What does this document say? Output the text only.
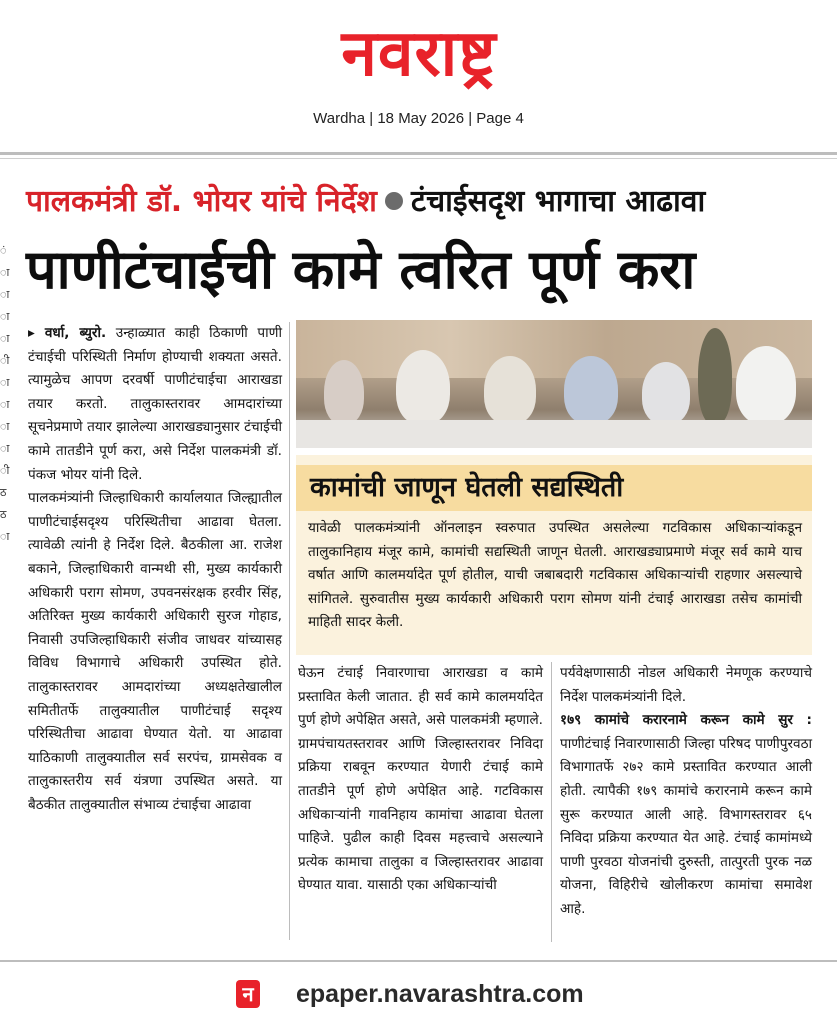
नवराष्ट्र
Wardha | 18 May 2026 | Page 4
ं
ा
ा
ा
ा
ी
ा
ा
ा
ा
ी
ठ
ठ
ा
पालकमंत्री डॉ. भोयर यांचे निर्देश टंचाईसदृश भागाचा आढावा
पाणीटंचाईची कामे त्वरित पूर्ण करा

▸ वर्धा, ब्युरो. उन्हाळ्यात काही ठिकाणी पाणी टंचाईची परिस्थिती निर्माण होण्याची शक्यता असते. त्यामुळेच आपण दरवर्षी पाणीटंचाईचा आराखडा तयार करतो. तालुकास्तरावर आमदारांच्या सूचनेप्रमाणे तयार झालेल्या आराखड्यानुसार टंचाईची कामे तातडीने पूर्ण करा, असे निर्देश पालकमंत्री डॉ. पंकज भोयर यांनी दिले.

पालकमंत्र्यांनी जिल्हाधिकारी कार्यालयात जिल्ह्यातील पाणीटंचाईसदृश्य परिस्थितीचा आढावा घेतला. त्यावेळी त्यांनी हे निर्देश दिले. बैठकीला आ. राजेश बकाने, जिल्हाधिकारी वान्मथी सी, मुख्य कार्यकारी अधिकारी पराग सोमण, उपवनसंरक्षक हरवीर सिंह, अतिरिक्त मुख्य कार्यकारी अधिकारी सुरज गोहाड, निवासी उपजिल्हाधिकारी संजीव जाधवर यांच्यासह विविध विभागाचे अधिकारी उपस्थित होते. तालुकास्तरावर आमदारांच्या अध्यक्षतेखालील समितीतर्फे तालुक्यातील पाणीटंचाई सदृश्य परिस्थितीचा आढावा घेण्यात येतो. या आढावा याठिकाणी तालुक्यातील सर्व सरपंच, ग्रामसेवक व तालुकास्तरीय सर्व यंत्रणा उपस्थित असते. या बैठकीत तालुक्यातील संभाव्य टंचाईचा आढावा

कामांची जाणून घेतली सद्यस्थिती
यावेळी पालकमंत्र्यांनी ऑनलाइन स्वरुपात उपस्थित असलेल्या गटविकास अधिकाऱ्यांकडून तालुकानिहाय मंजूर कामे, कामांची सद्यस्थिती जाणून घेतली. आराखड्याप्रमाणे मंजूर सर्व कामे याच वर्षात आणि कालमर्यादेत पूर्ण होतील, याची जबाबदारी गटविकास अधिकाऱ्यांची राहणार असल्याचे सांगितले. सुरुवातीस मुख्य कार्यकारी अधिकारी पराग सोमण यांनी टंचाई आराखडा तसेच कामांची माहिती सादर केली.

घेऊन टंचाई निवारणाचा आराखडा व कामे प्रस्तावित केली जातात. ही सर्व कामे कालमर्यादेत पुर्ण होणे अपेक्षित असते, असे पालकमंत्री म्हणाले. ग्रामपंचायतस्तरावर आणि जिल्हास्तरावर निविदा प्रक्रिया राबवून करण्यात येणारी टंचाई कामे तातडीने पूर्ण होणे अपेक्षित आहे. गटविकास अधिकाऱ्यांनी गावनिहाय कामांचा आढावा घेतला पाहिजे. पुढील काही दिवस महत्त्वाचे असल्याने प्रत्येक कामाचा तालुका व जिल्हास्तरावर आढावा घेण्यात यावा. यासाठी एका अधिकाऱ्यांची

पर्यवेक्षणासाठी नोडल अधिकारी नेमणूक करण्याचे निर्देश पालकमंत्र्यांनी दिले.

१७९ कामांचे करारनामे करून कामे सुर : पाणीटंचाई निवारणासाठी जिल्हा परिषद पाणीपुरवठा विभागातर्फे २७२ कामे प्रस्तावित करण्यात आली होती. त्यापैकी १७९ कामांचे करारनामे करून कामे सुरू करण्यात आली आहे. विभागस्तरावर ६५ निविदा प्रक्रिया करण्यात येत आहे. टंचाई कामांमध्ये पाणी पुरवठा योजनांची दुरुस्ती, तात्पुरती पुरक नळ योजना, विहिरीचे खोलीकरण कामांचा समावेश आहे.

न epaper.navarashtra.com
